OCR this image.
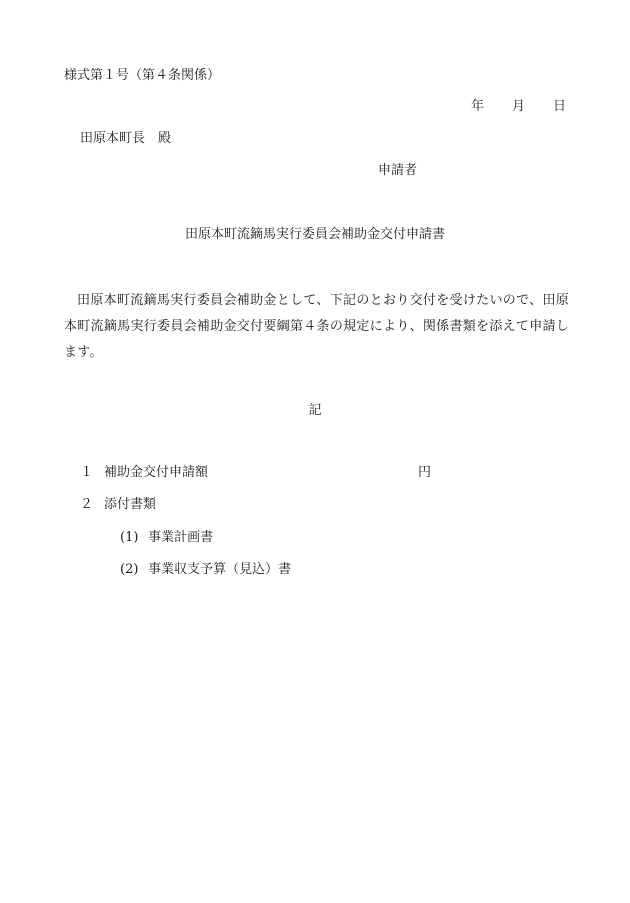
様式第１号（第４条関係）
年 月 日
田原本町長　殿
申請者
田原本町流鏑馬実行委員会補助金交付申請書
田原本町流鏑馬実行委員会補助金として、下記のとおり交付を受けたいので、田原本町流鏑馬実行委員会補助金交付要綱第４条の規定により、関係書類を添えて申請します。
記
１ 補助金交付申請額	円
２ 添付書類
(1) 事業計画書
(2) 事業収支予算（見込）書
